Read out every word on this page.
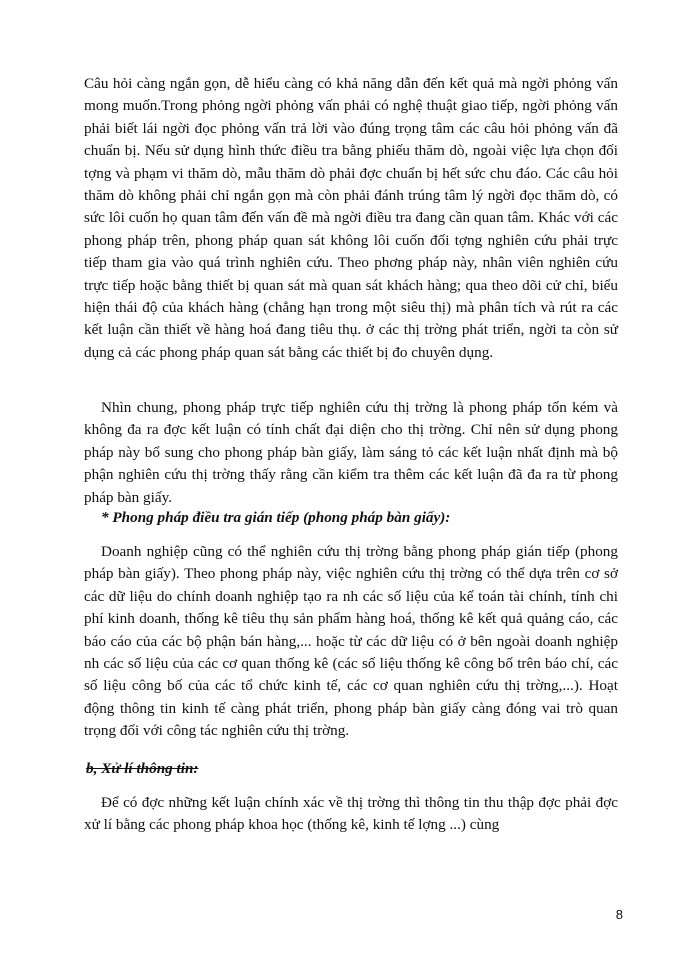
Câu hỏi càng ngắn gọn, dễ hiểu càng có khả năng dẫn đến kết quả mà ngời phỏng vấn mong muốn.Trong phỏng ngời phỏng vấn phải có nghệ thuật giao tiếp, ngời phỏng vấn phải biết lái ngời đọc phỏng vấn trả lời vào đúng trọng tâm các câu hỏi phỏng vấn đã chuẩn bị. Nếu sử dụng hình thức điều tra bằng phiếu thăm dò, ngoài việc lựa chọn đối tợng và phạm vi thăm dò, mẫu thăm dò phải đợc chuẩn bị hết sức chu đáo. Các câu hỏi thăm dò không phải chỉ ngắn gọn mà còn phải đánh trúng tâm lý ngời đọc thăm dò, có sức lôi cuốn họ quan tâm đến vấn đề mà ngời điều tra đang cần quan tâm. Khác với các phong pháp trên, phong pháp quan sát không lôi cuốn đối tợng nghiên cứu phải trực tiếp tham gia vào quá trình nghiên cứu. Theo phơng pháp này, nhân viên nghiên cứu trực tiếp hoặc bằng thiết bị quan sát mà quan sát khách hàng; qua theo dõi cử chỉ, biểu hiện thái độ của khách hàng (chẳng hạn trong một siêu thị) mà phân tích và rút ra các kết luận cần thiết về hàng hoá đang tiêu thụ. ở các thị trờng phát triển, ngời ta còn sử dụng cả các phong pháp quan sát bằng các thiết bị đo chuyên dụng.

Nhìn chung, phong pháp trực tiếp nghiên cứu thị trờng là phong pháp tốn kém và không đa ra đợc kết luận có tính chất đại diện cho thị trờng. Chỉ nên sử dụng phong pháp này bổ sung cho phong pháp bàn giấy, làm sáng tỏ các kết luận nhất định mà bộ phận nghiên cứu thị trờng thấy rằng cần kiểm tra thêm các kết luận đã đa ra từ phong pháp bàn giấy.

* Phong pháp điều tra gián tiếp (phong pháp bàn giấy):

Doanh nghiệp cũng có thể nghiên cứu thị trờng bằng phong pháp gián tiếp (phong pháp bàn giấy). Theo phong pháp này, việc nghiên cứu thị trờng có thể dựa trên cơ sở các dữ liệu do chính doanh nghiệp tạo ra nh các số liệu của kế toán tài chính, tính chi phí kinh doanh, thống kê tiêu thụ sản phẩm hàng hoá, thống kê kết quả quảng cáo, các báo cáo của các bộ phận bán hàng,... hoặc từ các dữ liệu có ở bên ngoài doanh nghiệp nh các số liệu của các cơ quan thống kê (các số liệu thống kê công bố trên báo chí, các số liệu công bố của các tổ chức kinh tế, các cơ quan nghiên cứu thị trờng,...). Hoạt động thông tin kinh tế càng phát triển, phong pháp bàn giấy càng đóng vai trò quan trọng đối với công tác nghiên cứu thị trờng.

b, Xử lí thông tin:

Để có đợc những kết luận chính xác về thị trờng thì thông tin thu thập đợc phải đợc xử lí bằng các phong pháp khoa học (thống kê, kinh tế lợng ...) cùng

8
